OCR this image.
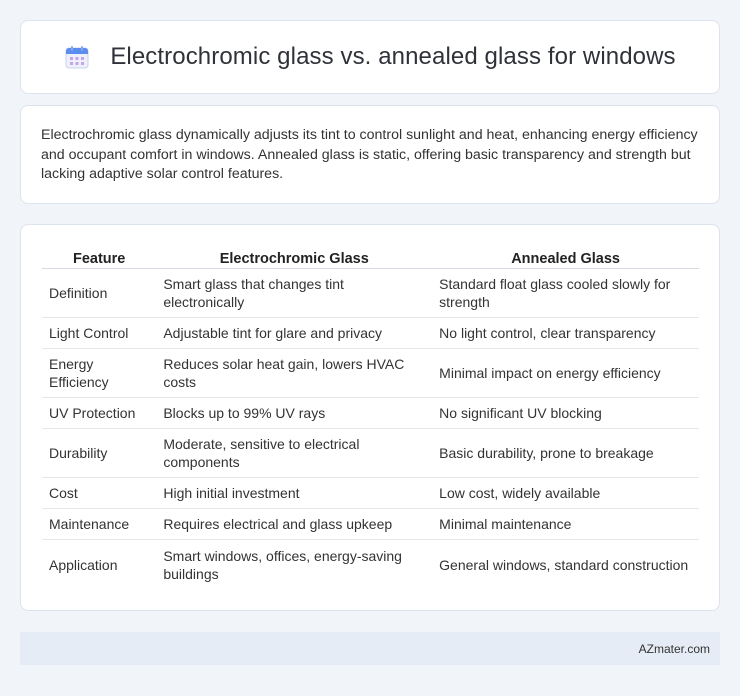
Electrochromic glass vs. annealed glass for windows

Electrochromic glass dynamically adjusts its tint to control sunlight and heat, enhancing energy efficiency and occupant comfort in windows. Annealed glass is static, offering basic transparency and strength but lacking adaptive solar control features.

Feature	Electrochromic Glass	Annealed Glass
Definition	Smart glass that changes tint electronically	Standard float glass cooled slowly for strength
Light Control	Adjustable tint for glare and privacy	No light control, clear transparency
Energy Efficiency	Reduces solar heat gain, lowers HVAC costs	Minimal impact on energy efficiency
UV Protection	Blocks up to 99% UV rays	No significant UV blocking
Durability	Moderate, sensitive to electrical components	Basic durability, prone to breakage
Cost	High initial investment	Low cost, widely available
Maintenance	Requires electrical and glass upkeep	Minimal maintenance
Application	Smart windows, offices, energy-saving buildings	General windows, standard construction
AZmater.com
